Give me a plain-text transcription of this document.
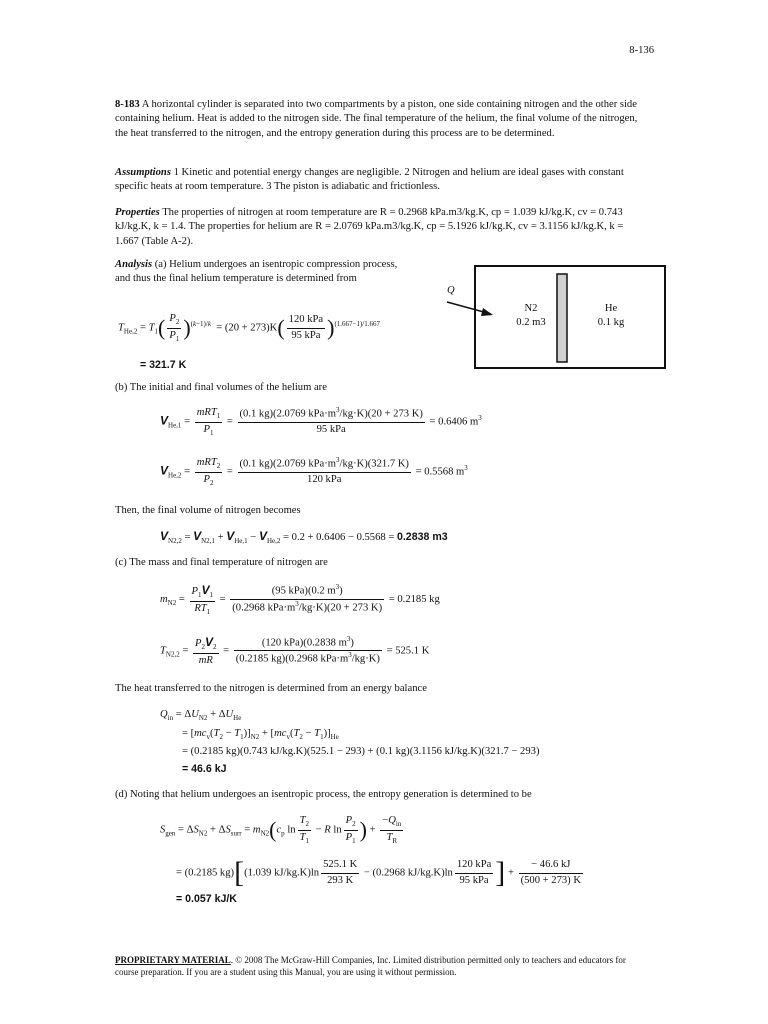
8-136
8-183 A horizontal cylinder is separated into two compartments by a piston, one side containing nitrogen and the other side containing helium. Heat is added to the nitrogen side. The final temperature of the helium, the final volume of the nitrogen, the heat transferred to the nitrogen, and the entropy generation during this process are to be determined.
Assumptions 1 Kinetic and potential energy changes are negligible. 2 Nitrogen and helium are ideal gases with constant specific heats at room temperature. 3 The piston is adiabatic and frictionless.
Properties The properties of nitrogen at room temperature are R = 0.2968 kPa.m3/kg.K, cp = 1.039 kJ/kg.K, cv = 0.743 kJ/kg.K, k = 1.4. The properties for helium are R = 2.0769 kPa.m3/kg.K, cp = 5.1926 kJ/kg.K, cv = 3.1156 kJ/kg.K, k = 1.667 (Table A-2).
Analysis (a) Helium undergoes an isentropic compression process, and thus the final helium temperature is determined from
Q
N2
0.2 m3
He
0.1 kg
$T_{He,2} = T_1( \frac{P_2}{P_1} )^{(k-1)/k} = (20 + 273)K( \frac{\text{120 kPa}}{\text{95 kPa}} )^{(1.667-1)/1.667}$
= 321.7 K
(b) The initial and final volumes of the helium are
$V_{He,1} = \frac{mRT_1}{P_1} = \frac{(0.1 kg)(2.0769 kPa\cdot m^3/kg\cdot K)(20 + 273 K)}{\text{95 kPa}} = 0.6406$ $m^3$
$V_{He,2} = \frac{mRT_2}{P_2} = \frac{(0.1 kg)(2.0769 kPa\cdot m^3/kg\cdot K)(321.7 K)}{\text{120 kPa}} = 0.5568$ $m^3$
Then, the final volume of nitrogen becomes
$V_{N2,2} = V_{N2,1} + V_{He,1} - V_{He,2} = 0.2 + 0.6406 - 0.5568 = 0.2838$ m3
(c) The mass and final temperature of nitrogen are
$m_{N2} = \frac{P_1V_1}{RT_1} = \frac{(95 kPa)(0.2 m^3)}{(0.2968 kPa\cdot m^3/kg\cdot K)(20 + 273 K)} = 0.2185$ kg
$T_{N2,2} = \frac{P_2V_2}{mR} = \frac{(120 kPa)(0.2838 m^3)}{(0.2185 kg)(0.2968 kPa\cdot m^3/kg\cdot K)} = 525.1$ K
The heat transferred to the nitrogen is determined from an energy balance
$Q_{in} = \Delta U_{N2} + \Delta U_{He}$
= $[mc_v(T_2 - T_1)]_{N2} + [mc_v(T_2 - T_1)]_{He}$
= (0.2185 kg)(0.743 kJ/kg.K)(525.1 − 293) + (0.1 kg)(3.1156 kJ/kg.K)(321.7 − 293)
= 46.6 kJ
(d) Noting that helium undergoes an isentropic process, the entropy generation is determined to be
$S_{gen} = \Delta S_{N2} + \Delta S_{surr} = m_{N2}(c_p$ $\ln \frac{T_2}{T_1} - R$ $\ln \frac{P_2}{P_1}$ ) + $\frac{-Q_{in}}{T_R}$
= (0.2185 kg)[(1.039 $kJ/kg.K)\ln \frac{525.1 K}{293 K} - (0.2968$ $kJ/kg.K)\ln \frac{\text{120 kPa}}{\text{95 kPa}}$ ] + $\frac{- 46.6 kJ}{(500 + 273) K}$
= 0.057 kJ/K
PROPRIETARY MATERIAL. © 2008 The McGraw-Hill Companies, Inc. Limited distribution permitted only to teachers and educators for course preparation. If you are a student using this Manual, you are using it without permission.
